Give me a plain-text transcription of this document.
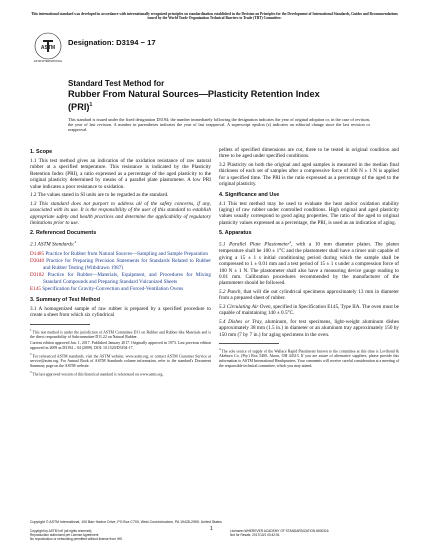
This international standard was developed in accordance with internationally recognized principles on standardization established in the Decision on Principles for the Development of International Standards, Guides and Recommendations issued by the World Trade Organization Technical Barriers to Trade (TBT) Committee.
ASTM
ASTM INTERNATIONAL
Designation: D3194 − 17
Standard Test Method for
Rubber From Natural Sources—Plasticity Retention Index
(PRI)$^1$
This standard is issued under the fixed designation D3194; the number immediately following the designation indicates the year of original adoption or, in the case of revision, the year of last revision. A number in parentheses indicates the year of last reapproval. A superscript epsilon (ε) indicates an editorial change since the last revision or reapproval.
1. Scope

1.1 This test method gives an indication of the oxidation resistance of raw natural rubber at a specified temperature. This resistance is indicated by the Plasticity Retention Index (PRI), a ratio expressed as a percentage of the aged plasticity to the original plasticity determined by means of a parallel plate plastometer. A low PRI value indicates a poor resistance to oxidation.

1.2 The values stated in SI units are to be regarded as the standard.

1.3 This standard does not purport to address all of the safety concerns, if any, associated with its use. It is the responsibility of the user of this standard to establish appropriate safety and health practices and determine the applicability of regulatory limitations prior to use.

2. Referenced Documents

2.1 ASTM Standards:$^2$

D1485 Practice for Rubber from Natural Sources—Sampling and Sample Preparation
D3040 Practice for Preparing Precision Statements for Standards Related to Rubber and Rubber Testing (Withdrawn 1987)
D3182 Practice for Rubber—Materials, Equipment, and Procedures for Mixing Standard Compounds and Preparing Standard Vulcanized Sheets
E145 Specification for Gravity-Convection and Forced-Ventilation Ovens
3. Summary of Test Method

3.1 A homogenized sample of raw rubber is prepared by a specified procedure to create a sheet from which six cylindrical

$^1$ This test method is under the jurisdiction of ASTM Committee D11 on Rubber and Rubber-like Materials and is the direct responsibility of Subcommittee D11.22 on Natural Rubber.

Current edition approved Jan. 1, 2017. Published January 2017. Originally approved in 1973. Last previous edition approved in 2009 as D3194 – 04 (2009). DOI: 10.1520/D3194-17.

$^2$ For referenced ASTM standards, visit the ASTM website, www.astm.org, or contact ASTM Customer Service at service@astm.org. For Annual Book of ASTM Standards volume information, refer to the standard's Document Summary page on the ASTM website.

$^3$ The last approved version of this historical standard is referenced on www.astm.org.

pellets of specified dimensions are cut, three to be tested in original condition and three to be aged under specified conditions.

3.2 Plasticity on both the original and aged samples is measured in the median final thickness of each set of samples after a compressive force of 100 N ± 1 N is applied for a specified time. The PRI is the ratio expressed as a percentage of the aged to the original plasticity.

4. Significance and Use

4.1 This test method may be used to evaluate the heat and/or oxidation stability (aging) of raw rubber under controlled conditions. High original and aged plasticity values usually correspond to good aging properties. The ratio of the aged to original plasticity values expressed as a percentage, the PRI, is used as an indication of aging.

5. Apparatus

5.1 Parallel Plate Plastometer$^4$, with a 10 mm diameter platen. The platen temperature shall be 100 ± 1°C and the plastometer shall have a timer unit capable of giving a 15 ± 1 s initial conditioning period during which the sample shall be compressed to 1 ± 0.01 mm and a test period of 15 ± 1 s under a compression force of 100 N ± 1 N. The plastometer shall also have a measuring device gauge reading to 0.01 mm. Calibration procedures recommended by the manufacturer of the plastometer should be followed.

5.2 Punch, that will die out cylindrical specimens approximately 13 mm in diameter from a prepared sheet of rubber.

5.3 Circulating Air Oven, specified in Specification E145, Type IIA. The oven must be capable of maintaining 140 ± 0.5°C.

5.4 Dishes or Tray, aluminum, for test specimens, light-weight aluminum dishes approximately 38 mm (1.5 in.) in diameter or an aluminum tray approximately 150 by 150 mm (7 by 7 in.) for aging specimens in the oven.

$^4$ The sole source of supply of the Wallace Rapid Plastimeter known to the committee at this time is Lovibond & Akeborn Co. (Pty.) Box 5400, Akron, OH 44313. If you are aware of alternative suppliers, please provide this information to ASTM International Headquarters. Your comments will receive careful consideration at a meeting of the responsible technical committee, which you may attend.

Copyright © ASTM International, 100 Barr Harbor Drive, PO Box C700, West Conshohocken, PA 19428-2959. United States
1
Copyright by ASTM Int'l (all rights reserved);
Reproduction authorized per License Agreement
No reproduction or networking permitted without license from IHS
Licensee=WHEREVER ACADEMY OF STANDARDIZATION 8600316
Not for Resale, 2017/10/1 00:42:51
